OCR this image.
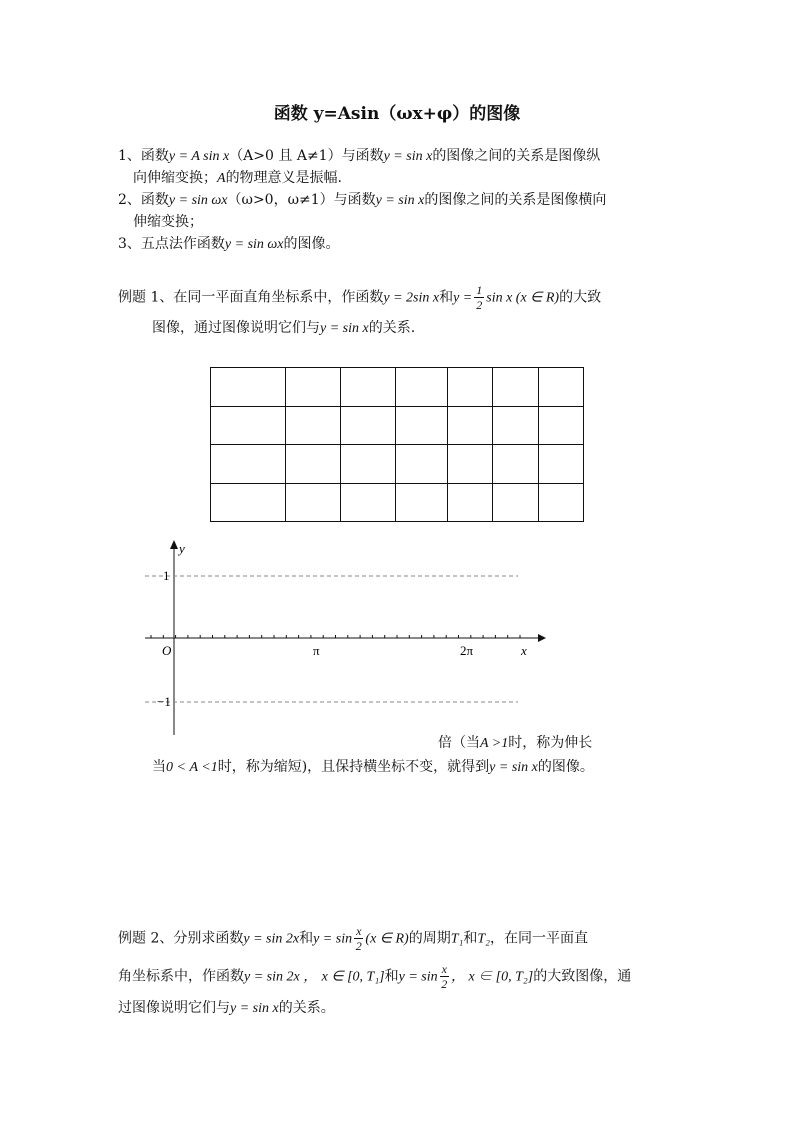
函数 y=Asin（ωx+φ）的图像
1、函数y = A sin x（A>0 且 A≠1）与函数y = sin x的图像之间的关系是图像纵
向伸缩变换；A的物理意义是振幅.
2、函数y = sin ωx（ω>0，ω≠1）与函数y = sin x的图像之间的关系是图像横向
伸缩变换；
3、五点法作函数y = sin ωx的图像。
例题 1、在同一平面直角坐标系中，作函数y = 2sin x和$y = \frac{1}{2}$ sin x (x ∈ R)的大致
图像，通过图像说明它们与y = sin x的关系.

倍（当A >1时，称为伸长
当0 < A <1时，称为缩短)，且保持横坐标不变，就得到y = sin x的图像。
y
x
O	π	2π
1
−1
例题 2、分别求函数y = sin 2x和$y = \sin \frac{x}{2} (x$ ∈ R)的周期T₁和T₂，在同一平面直
角坐标系中，作函数y = sin 2x ， x ∈ [0, T₁]和$y = \sin \frac{x}{2}$ ， x ∈ [0, T₂]的大致图像，通
过图像说明它们与y = sin x的关系。
